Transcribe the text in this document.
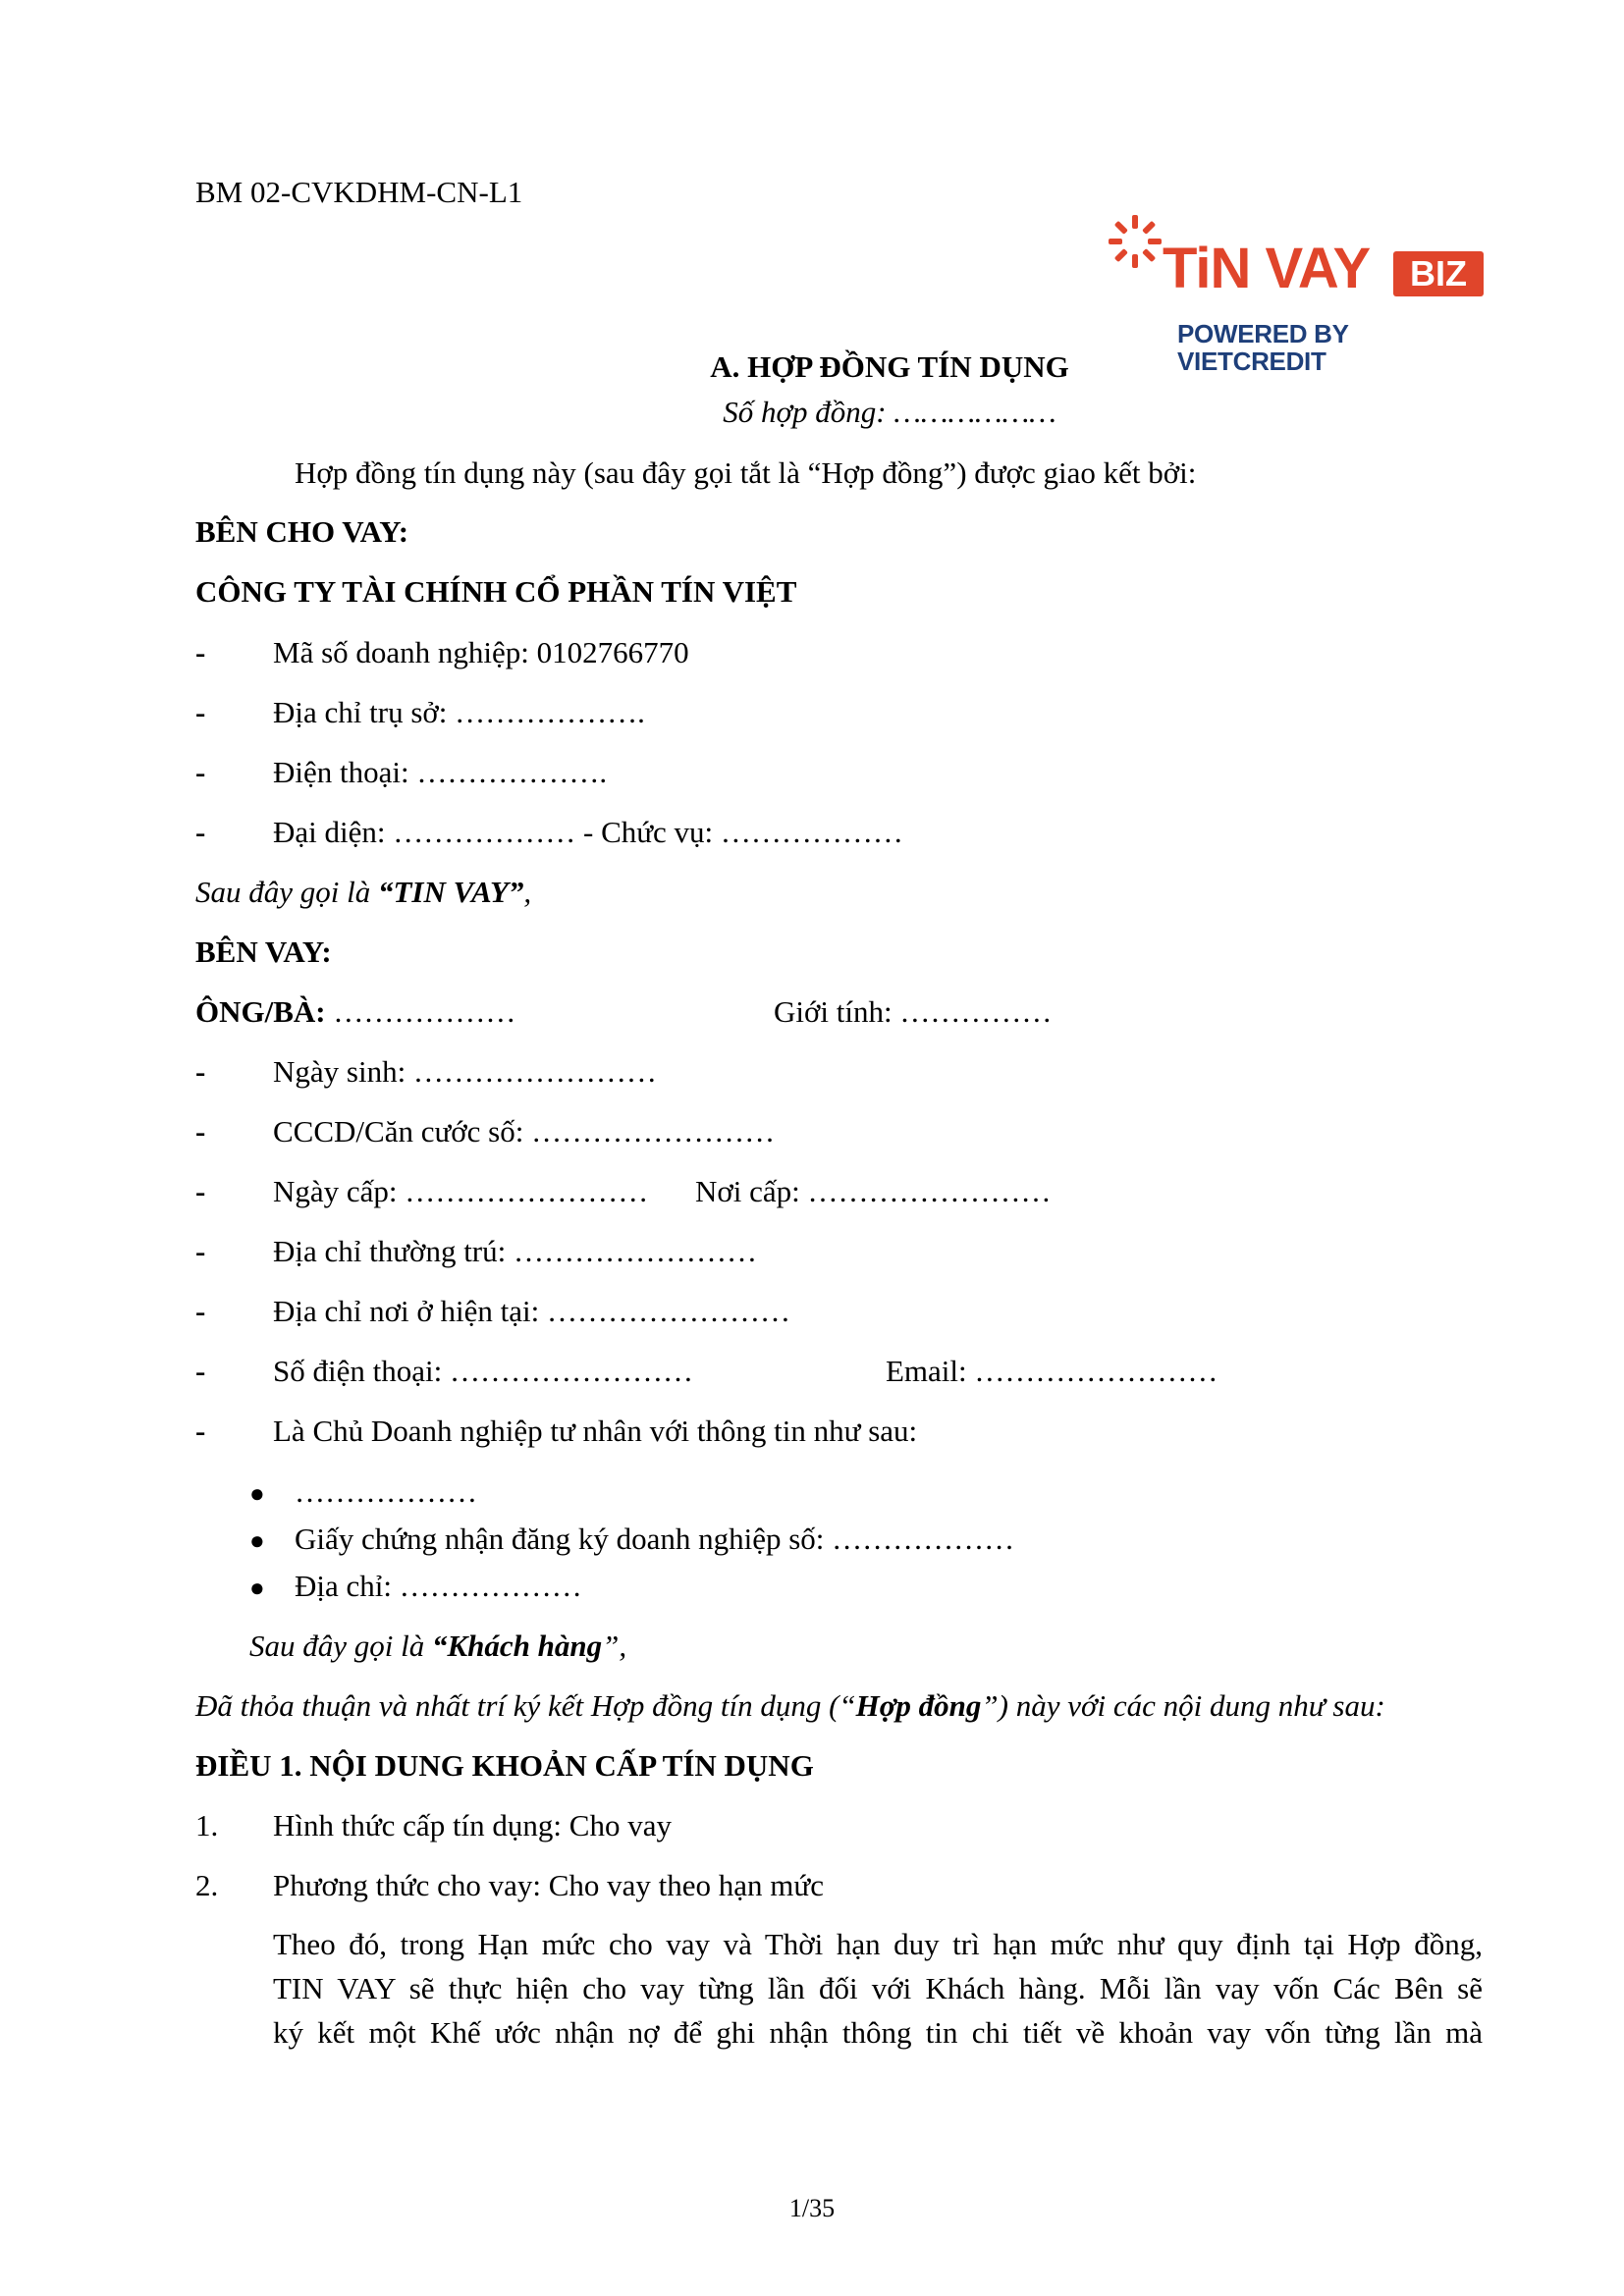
BM 02-CVKDHM-CN-L1
TiN VAY	BIZ
POWERED BY VIETCREDIT
A. HỢP ĐỒNG TÍN DỤNG
Số hợp đồng: ………………
Hợp đồng tín dụng này (sau đây gọi tắt là “Hợp đồng”) được giao kết bởi:
BÊN CHO VAY:
CÔNG TY TÀI CHÍNH CỔ PHẦN TÍN VIỆT
- Mã số doanh nghiệp: 0102766770
- Địa chỉ trụ sở: ……………….
- Điện thoại: ……………….
- Đại diện: ……………… - Chức vụ: ………………
Sau đây gọi là “TIN VAY”,
BÊN VAY:
ÔNG/BÀ: ………………	Giới tính: ……………
- Ngày sinh: ……………………
- CCCD/Căn cước số: ……………………
- Ngày cấp: …………………… Nơi cấp: ……………………
- Địa chỉ thường trú: ……………………
- Địa chỉ nơi ở hiện tại: ……………………
- Số điện thoại: ……………………	Email: ……………………
- Là Chủ Doanh nghiệp tư nhân với thông tin như sau:
● ………………
● Giấy chứng nhận đăng ký doanh nghiệp số: ………………
● Địa chỉ: ………………
Sau đây gọi là “Khách hàng”,
Đã thỏa thuận và nhất trí ký kết Hợp đồng tín dụng (“Hợp đồng”) này với các nội dung như sau:
ĐIỀU 1. NỘI DUNG KHOẢN CẤP TÍN DỤNG
1. Hình thức cấp tín dụng: Cho vay
2. Phương thức cho vay: Cho vay theo hạn mức
Theo đó, trong Hạn mức cho vay và Thời hạn duy trì hạn mức như quy định tại Hợp đồng,
TIN VAY sẽ thực hiện cho vay từng lần đối với Khách hàng. Mỗi lần vay vốn Các Bên sẽ
ký kết một Khế ước nhận nợ để ghi nhận thông tin chi tiết về khoản vay vốn từng lần mà
1/35
